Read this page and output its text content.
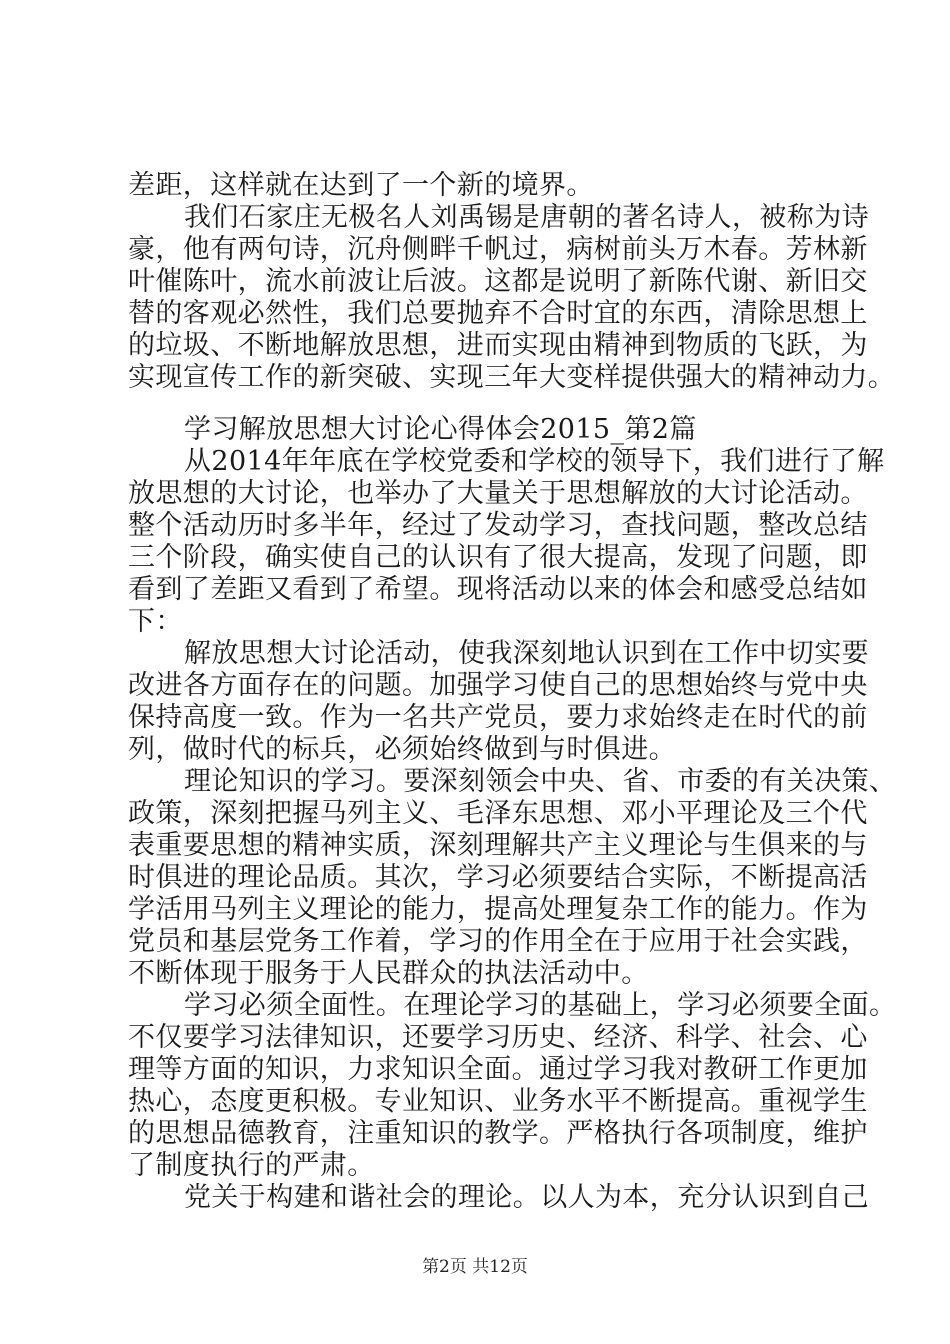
差距，这样就在达到了一个新的境界。
我们石家庄无极名人刘禹锡是唐朝的著名诗人，被称为诗
豪，他有两句诗，沉舟侧畔千帆过，病树前头万木春。芳林新
叶催陈叶，流水前波让后波。这都是说明了新陈代谢、新旧交
替的客观必然性，我们总要抛弃不合时宜的东西，清除思想上
的垃圾、不断地解放思想，进而实现由精神到物质的飞跃，为
实现宣传工作的新突破、实现三年大变样提供强大的精神动力。
学习解放思想大讨论心得体会2015_第2篇
从2014年年底在学校党委和学校的领导下，我们进行了解
放思想的大讨论，也举办了大量关于思想解放的大讨论活动。
整个活动历时多半年，经过了发动学习，查找问题，整改总结
三个阶段，确实使自己的认识有了很大提高，发现了问题，即
看到了差距又看到了希望。现将活动以来的体会和感受总结如
下：
解放思想大讨论活动，使我深刻地认识到在工作中切实要
改进各方面存在的问题。加强学习使自己的思想始终与党中央
保持高度一致。作为一名共产党员，要力求始终走在时代的前
列，做时代的标兵，必须始终做到与时俱进。
理论知识的学习。要深刻领会中央、省、市委的有关决策、
政策，深刻把握马列主义、毛泽东思想、邓小平理论及三个代
表重要思想的精神实质，深刻理解共产主义理论与生俱来的与
时俱进的理论品质。其次，学习必须要结合实际，不断提高活
学活用马列主义理论的能力，提高处理复杂工作的能力。作为
党员和基层党务工作着，学习的作用全在于应用于社会实践，
不断体现于服务于人民群众的执法活动中。
学习必须全面性。在理论学习的基础上，学习必须要全面。
不仅要学习法律知识，还要学习历史、经济、科学、社会、心
理等方面的知识，力求知识全面。通过学习我对教研工作更加
热心，态度更积极。专业知识、业务水平不断提高。重视学生
的思想品德教育，注重知识的教学。严格执行各项制度，维护
了制度执行的严肃。
党关于构建和谐社会的理论。以人为本，充分认识到自己
第2页 共12页
